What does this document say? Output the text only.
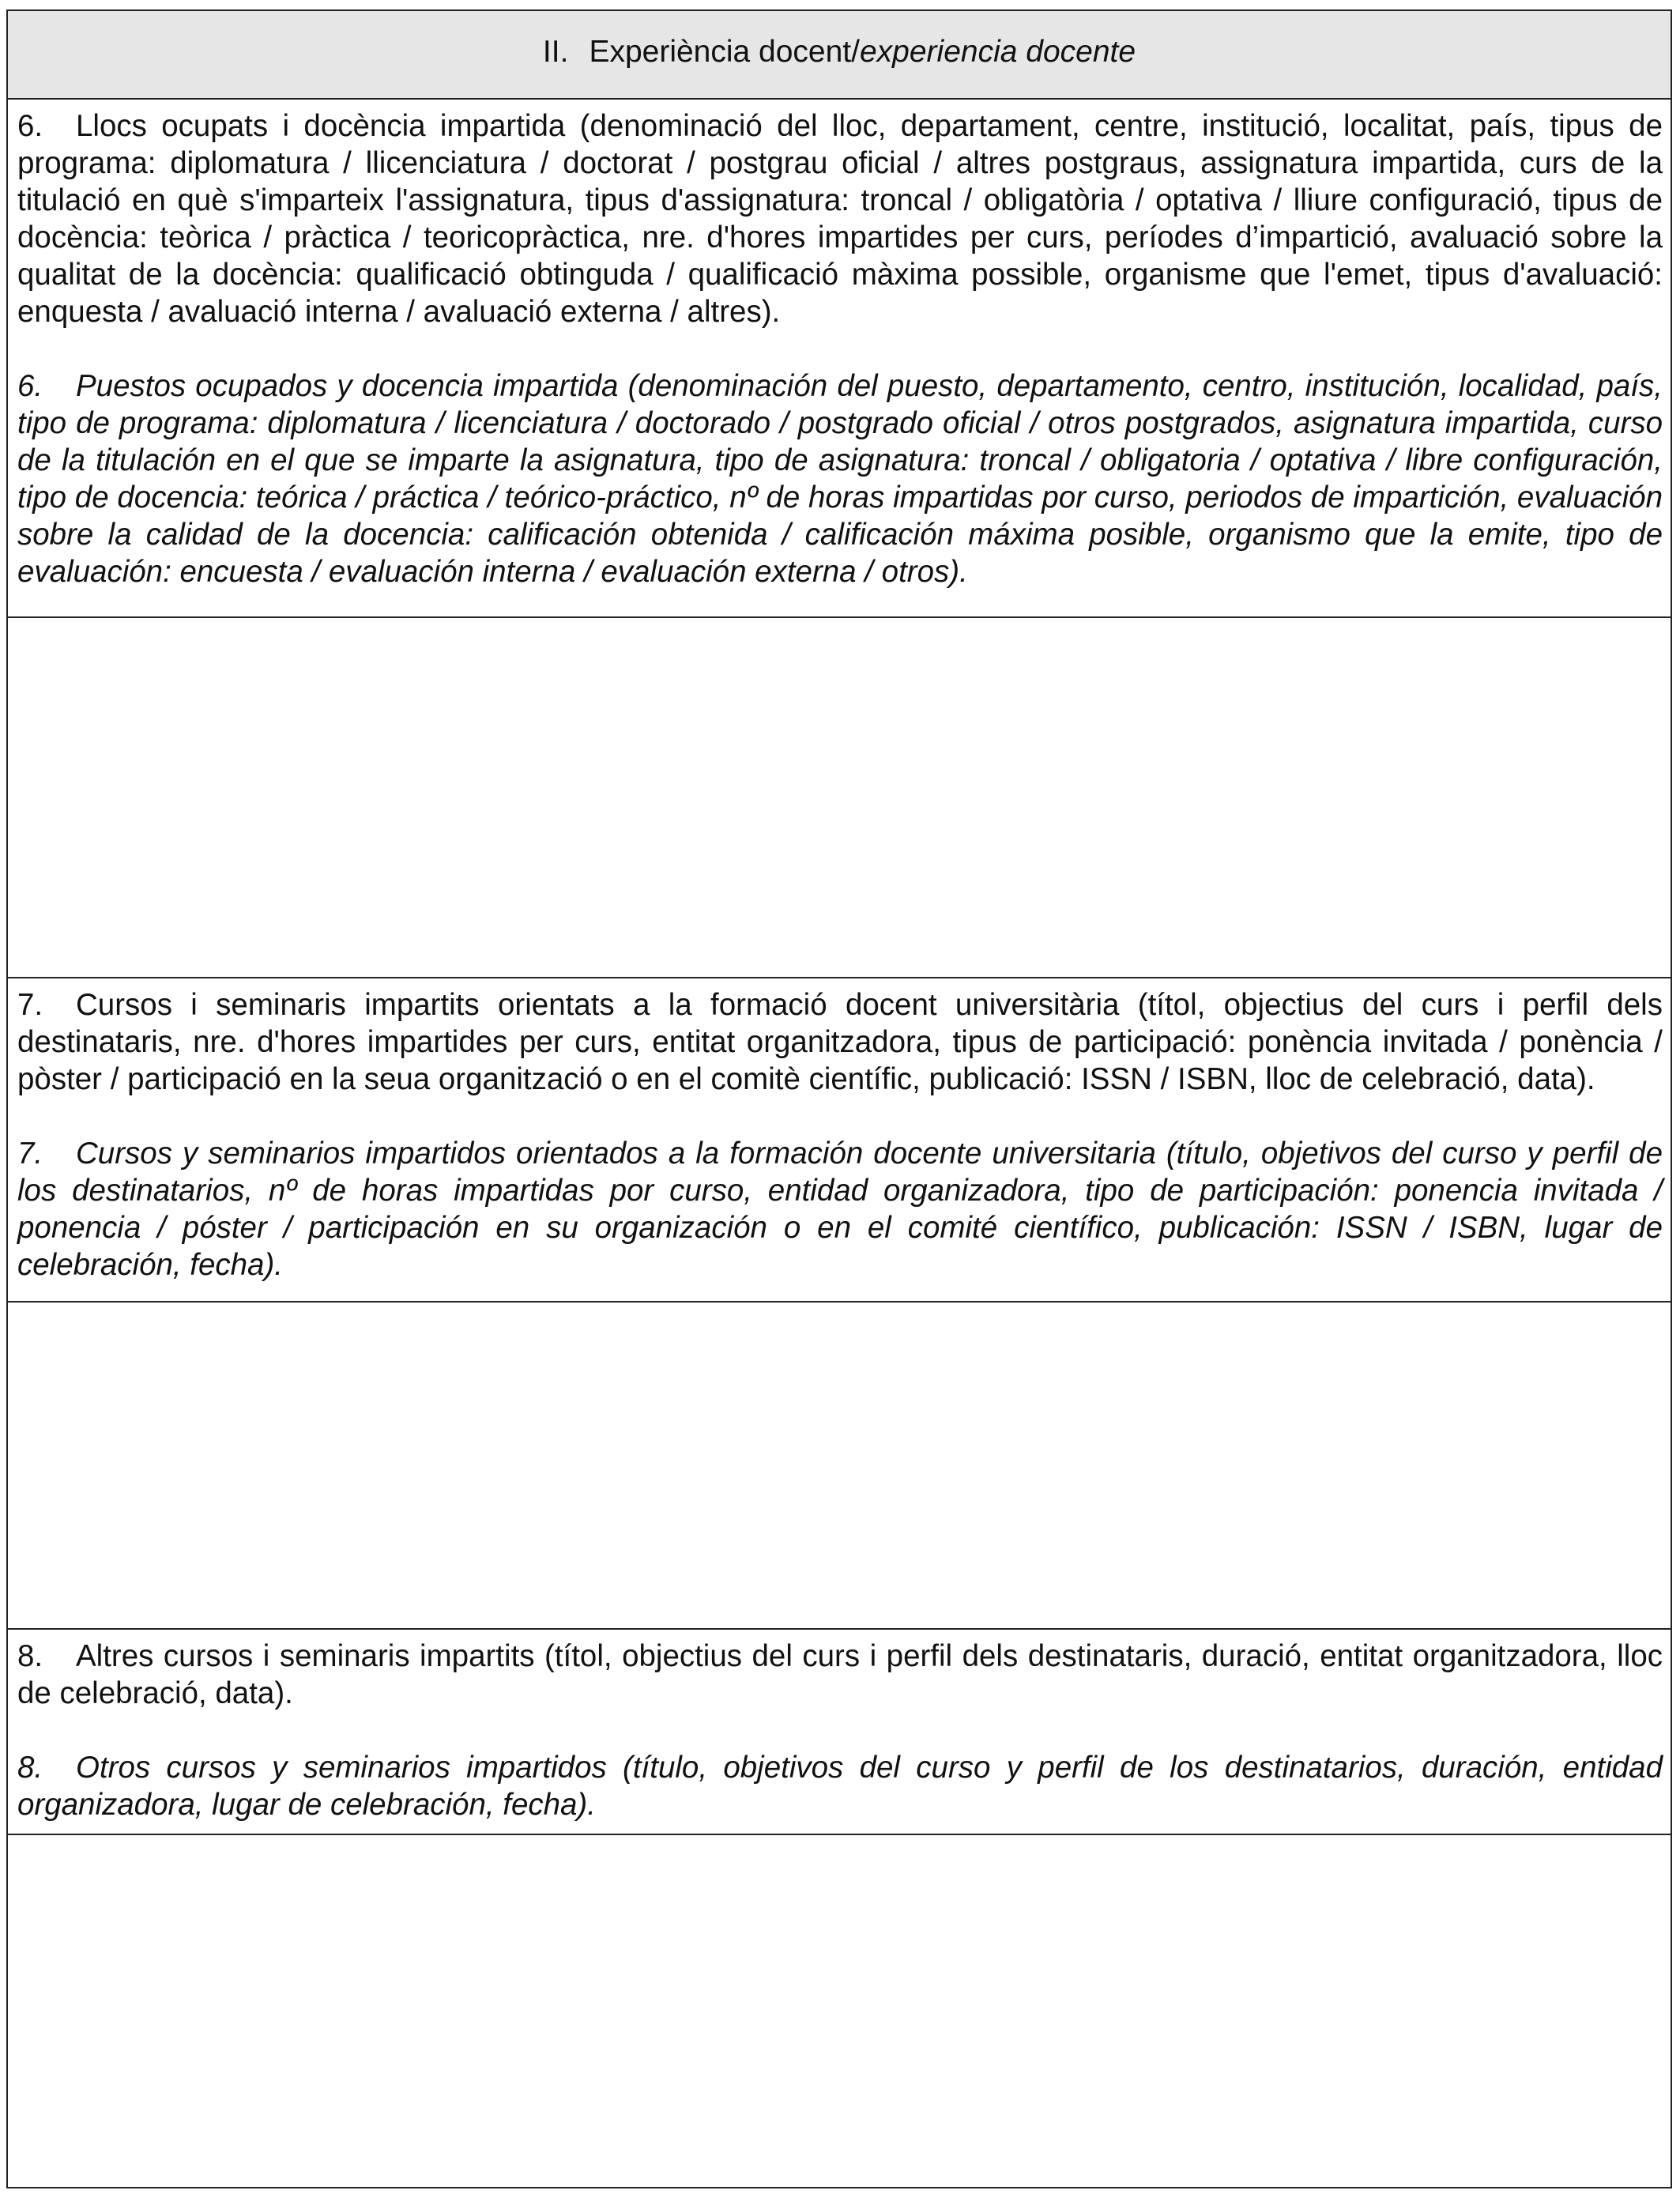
II. Experiència docent/experiencia docente

6. Llocs ocupats i docència impartida (denominació del lloc, departament, centre, institució, localitat, país, tipus de programa: diplomatura / llicenciatura / doctorat / postgrau oficial / altres postgraus, assignatura impartida, curs de la titulació en què s'imparteix l'assignatura, tipus d'assignatura: troncal / obligatòria / optativa / lliure configuració, tipus de docència: teòrica / pràctica / teoricopràctica, nre. d'hores impartides per curs, períodes d’impartició, avaluació sobre la qualitat de la docència: qualificació obtinguda / qualificació màxima possible, organisme que l'emet, tipus d'avaluació: enquesta / avaluació interna / avaluació externa / altres).

6. Puestos ocupados y docencia impartida (denominación del puesto, departamento, centro, institución, localidad, país, tipo de programa: diplomatura / licenciatura / doctorado / postgrado oficial / otros postgrados, asignatura impartida, curso de la titulación en el que se imparte la asignatura, tipo de asignatura: troncal / obligatoria / optativa / libre configuración, tipo de docencia: teórica / práctica / teórico-práctico, nº de horas impartidas por curso, periodos de impartición, evaluación sobre la calidad de la docencia: calificación obtenida / calificación máxima posible, organismo que la emite, tipo de evaluación: encuesta / evaluación interna / evaluación externa / otros).

7. Cursos i seminaris impartits orientats a la formació docent universitària (títol, objectius del curs i perfil dels destinataris, nre. d'hores impartides per curs, entitat organitzadora, tipus de participació: ponència invitada / ponència / pòster / participació en la seua organització o en el comitè científic, publicació: ISSN / ISBN, lloc de celebració, data).

7. Cursos y seminarios impartidos orientados a la formación docente universitaria (título, objetivos del curso y perfil de los destinatarios, nº de horas impartidas por curso, entidad organizadora, tipo de participación: ponencia invitada / ponencia / póster / participación en su organización o en el comité científico, publicación: ISSN / ISBN, lugar de celebración, fecha).

8. Altres cursos i seminaris impartits (títol, objectius del curs i perfil dels destinataris, duració, entitat organitzadora, lloc de celebració, data).

8. Otros cursos y seminarios impartidos (título, objetivos del curso y perfil de los destinatarios, duración, entidad organizadora, lugar de celebración, fecha).
